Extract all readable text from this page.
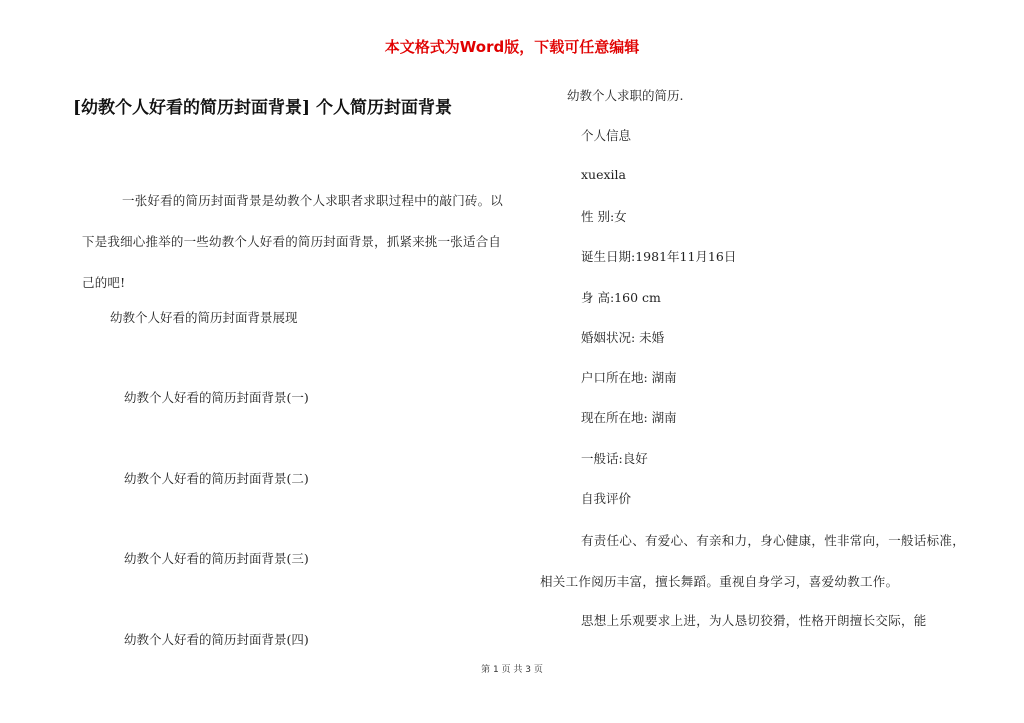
本文格式为Word版，下载可任意编辑
[幼教个人好看的简历封面背景] 个人简历封面背景

一张好看的简历封面背景是幼教个人求职者求职过程中的敲门砖。以下是我细心推举的一些幼教个人好看的简历封面背景，抓紧来挑一张适合自己的吧!

幼教个人好看的简历封面背景展现

幼教个人好看的简历封面背景(一)

幼教个人好看的简历封面背景(二)

幼教个人好看的简历封面背景(三)

幼教个人好看的简历封面背景(四)

幼教个人求职的简历.

个人信息

xuexila

性 别:女

诞生日期:1981年11月16日

身 高:160 cm

婚姻状况: 未婚

户口所在地: 湖南

现在所在地: 湖南

一般话:良好

自我评价

有责任心、有爱心、有亲和力，身心健康，性非常向，一般话标准，相关工作阅历丰富，擅长舞蹈。重视自身学习，喜爱幼教工作。

思想上乐观要求上进，为人恳切狡猾，性格开朗擅长交际，能

第 1 页 共 3 页
